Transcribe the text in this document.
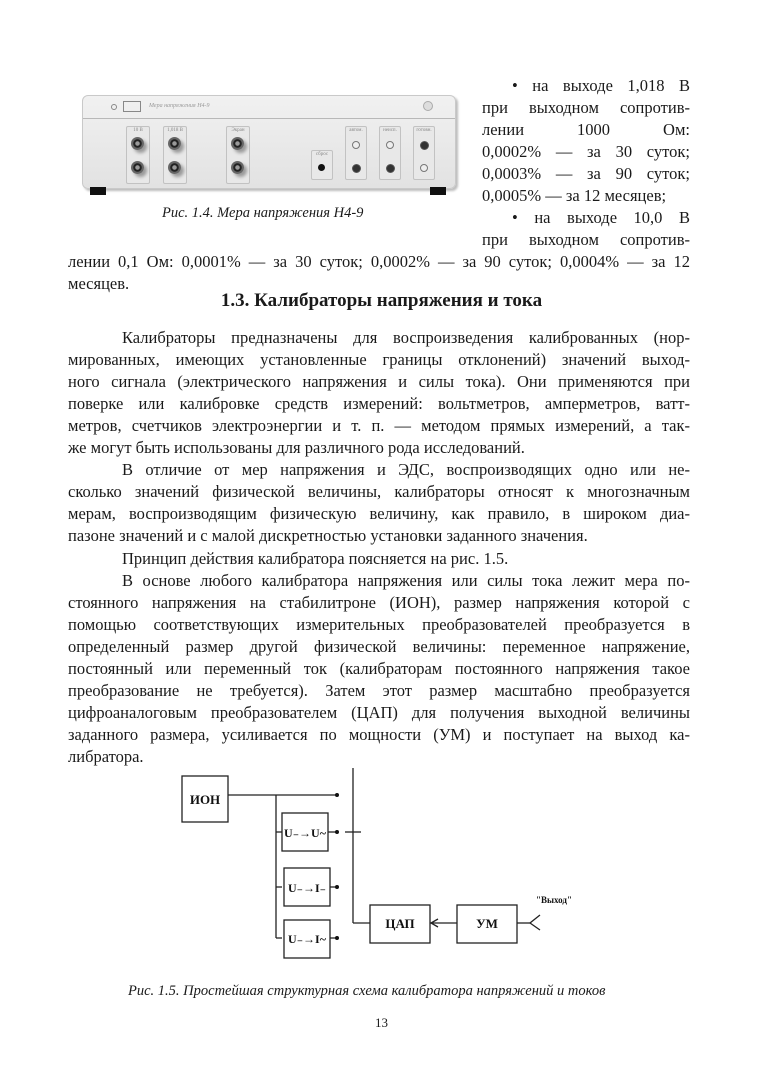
Мера напряжения Н4-9
10 В	1,018 В	Экран
сброс
автом.	неисп.	готовн.
Рис. 1.4. Мера напряжения Н4-9
• на выходе 1,018 В
при выходном сопротив-
лении 1000 Ом:
0,0002% — за 30 суток;
0,0003% — за 90 суток;
0,0005% — за 12 месяцев;
• на выходе 10,0 В
при выходном сопротив-
лении 0,1 Ом: 0,0001% — за 30 суток; 0,0002% — за 90 суток; 0,0004% — за 12
месяцев.
1.3. Калибраторы напряжения и тока
Калибраторы предназначены для воспроизведения калиброванных (нор-
мированных, имеющих установленные границы отклонений) значений выход-
ного сигнала (электрического напряжения и силы тока). Они применяются при
поверке или калибровке средств измерений: вольтметров, амперметров, ватт-
метров, счетчиков электроэнергии и т. п. — методом прямых измерений, а так-
же могут быть использованы для различного рода исследований.
В отличие от мер напряжения и ЭДС, воспроизводящих одно или не-
сколько значений физической величины, калибраторы относят к многозначным
мерам, воспроизводящим физическую величину, как правило, в широком диа-
пазоне значений и с малой дискретностью установки заданного значения.
Принцип действия калибратора поясняется на рис. 1.5.
В основе любого калибратора напряжения или силы тока лежит мера по-
стоянного напряжения на стабилитроне (ИОН), размер напряжения которой с
помощью соответствующих измерительных преобразователей преобразуется в
определенный размер другой физической величины: переменное напряжение,
постоянный или переменный ток (калибраторам постоянного напряжения такое
преобразование не требуется). Затем этот размер масштабно преобразуется
цифроаналоговым преобразователем (ЦАП) для получения выходной величины
заданного размера, усиливается по мощности (УМ) и поступает на выход ка-
либратора.
ИОН
U₋→U~
U₋→I₋
U₋→I~
ЦАП	УМ
"Выход"
Рис. 1.5. Простейшая структурная схема калибратора напряжений и токов
13
